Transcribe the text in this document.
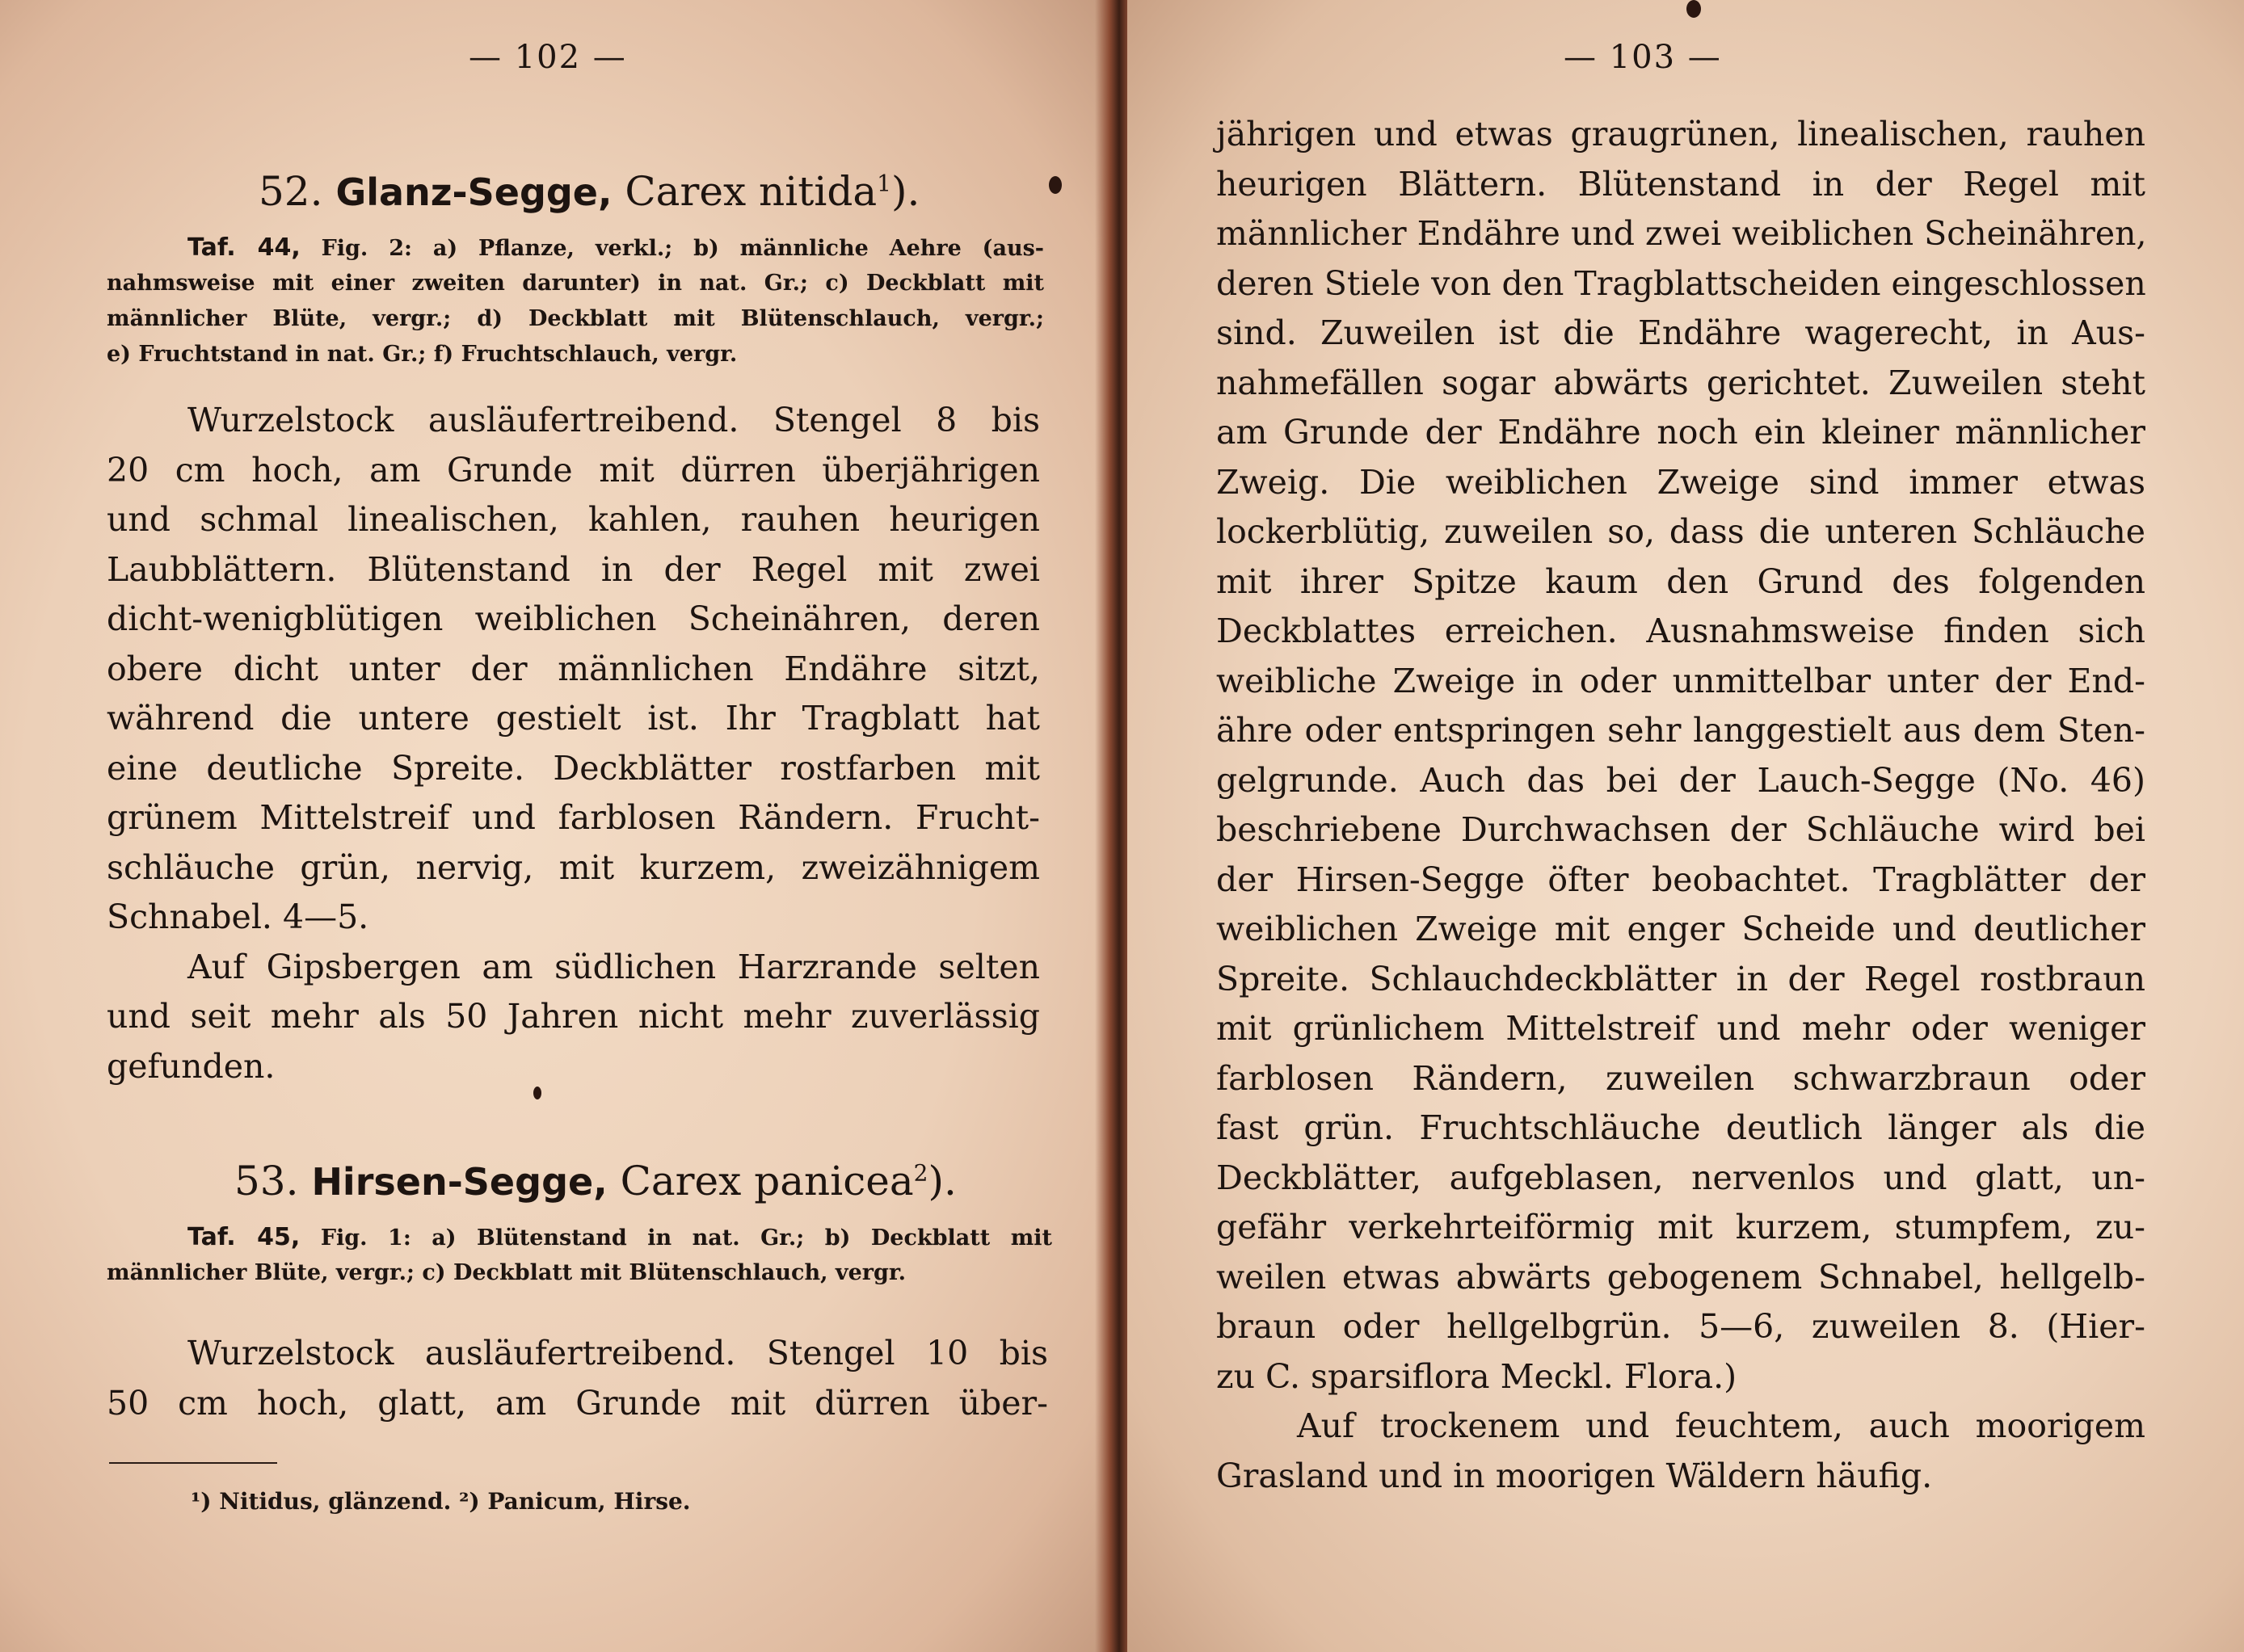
— 102 —
52. Glanz-Segge, Carex nitida$^1$).
Taf. 44, Fig. 2: a) Pflanze, verkl.; b) männliche Aehre (aus-
nahmsweise mit einer zweiten darunter) in nat. Gr.; c) Deckblatt mit
männlicher Blüte, vergr.; d) Deckblatt mit Blütenschlauch, vergr.;
e) Fruchtstand in nat. Gr.; f) Fruchtschlauch, vergr.
Wurzelstock ausläufertreibend. Stengel 8 bis
20 cm hoch, am Grunde mit dürren überjährigen
und schmal linealischen, kahlen, rauhen heurigen
Laubblättern. Blütenstand in der Regel mit zwei
dicht-wenigblütigen weiblichen Scheinähren, deren
obere dicht unter der männlichen Endähre sitzt,
während die untere gestielt ist. Ihr Tragblatt hat
eine deutliche Spreite. Deckblätter rostfarben mit
grünem Mittelstreif und farblosen Rändern. Frucht-
schläuche grün, nervig, mit kurzem, zweizähnigem
Schnabel. 4—5.
Auf Gipsbergen am südlichen Harzrande selten
und seit mehr als 50 Jahren nicht mehr zuverlässig
gefunden.
53. Hirsen-Segge, Carex panicea$^2$).
Taf. 45, Fig. 1: a) Blütenstand in nat. Gr.; b) Deckblatt mit
männlicher Blüte, vergr.; c) Deckblatt mit Blütenschlauch, vergr.
Wurzelstock ausläufertreibend. Stengel 10 bis
50 cm hoch, glatt, am Grunde mit dürren über-
¹) Nitidus, glänzend. ²) Panicum, Hirse.
— 103 —
jährigen und etwas graugrünen, linealischen, rauhen
heurigen Blättern. Blütenstand in der Regel mit
männlicher Endähre und zwei weiblichen Scheinähren,
deren Stiele von den Tragblattscheiden eingeschlossen
sind. Zuweilen ist die Endähre wagerecht, in Aus-
nahmefällen sogar abwärts gerichtet. Zuweilen steht
am Grunde der Endähre noch ein kleiner männlicher
Zweig. Die weiblichen Zweige sind immer etwas
lockerblütig, zuweilen so, dass die unteren Schläuche
mit ihrer Spitze kaum den Grund des folgenden
Deckblattes erreichen. Ausnahmsweise finden sich
weibliche Zweige in oder unmittelbar unter der End-
ähre oder entspringen sehr langgestielt aus dem Sten-
gelgrunde. Auch das bei der Lauch-Segge (No. 46)
beschriebene Durchwachsen der Schläuche wird bei
der Hirsen-Segge öfter beobachtet. Tragblätter der
weiblichen Zweige mit enger Scheide und deutlicher
Spreite. Schlauchdeckblätter in der Regel rostbraun
mit grünlichem Mittelstreif und mehr oder weniger
farblosen Rändern, zuweilen schwarzbraun oder
fast grün. Fruchtschläuche deutlich länger als die
Deckblätter, aufgeblasen, nervenlos und glatt, un-
gefähr verkehrteiförmig mit kurzem, stumpfem, zu-
weilen etwas abwärts gebogenem Schnabel, hellgelb-
braun oder hellgelbgrün. 5—6, zuweilen 8. (Hier-
zu C. sparsiflora Meckl. Flora.)
Auf trockenem und feuchtem, auch moorigem
Grasland und in moorigen Wäldern häufig.
